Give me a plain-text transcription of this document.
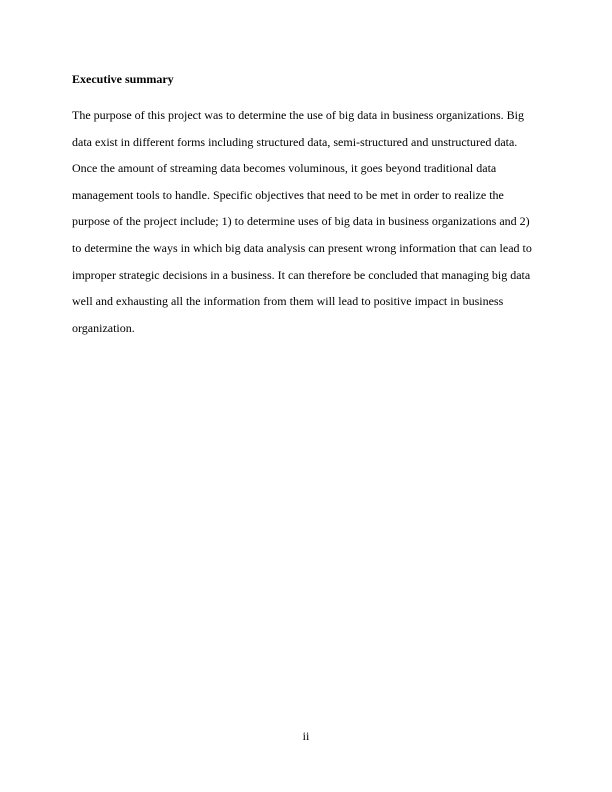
Executive summary
The purpose of this project was to determine the use of big data in business organizations. Big
data exist in different forms including structured data, semi-structured and unstructured data.
Once the amount of streaming data becomes voluminous, it goes beyond traditional data
management tools to handle. Specific objectives that need to be met in order to realize the
purpose of the project include; 1) to determine uses of big data in business organizations and 2)
to determine the ways in which big data analysis can present wrong information that can lead to
improper strategic decisions in a business. It can therefore be concluded that managing big data
well and exhausting all the information from them will lead to positive impact in business
organization.
ii
